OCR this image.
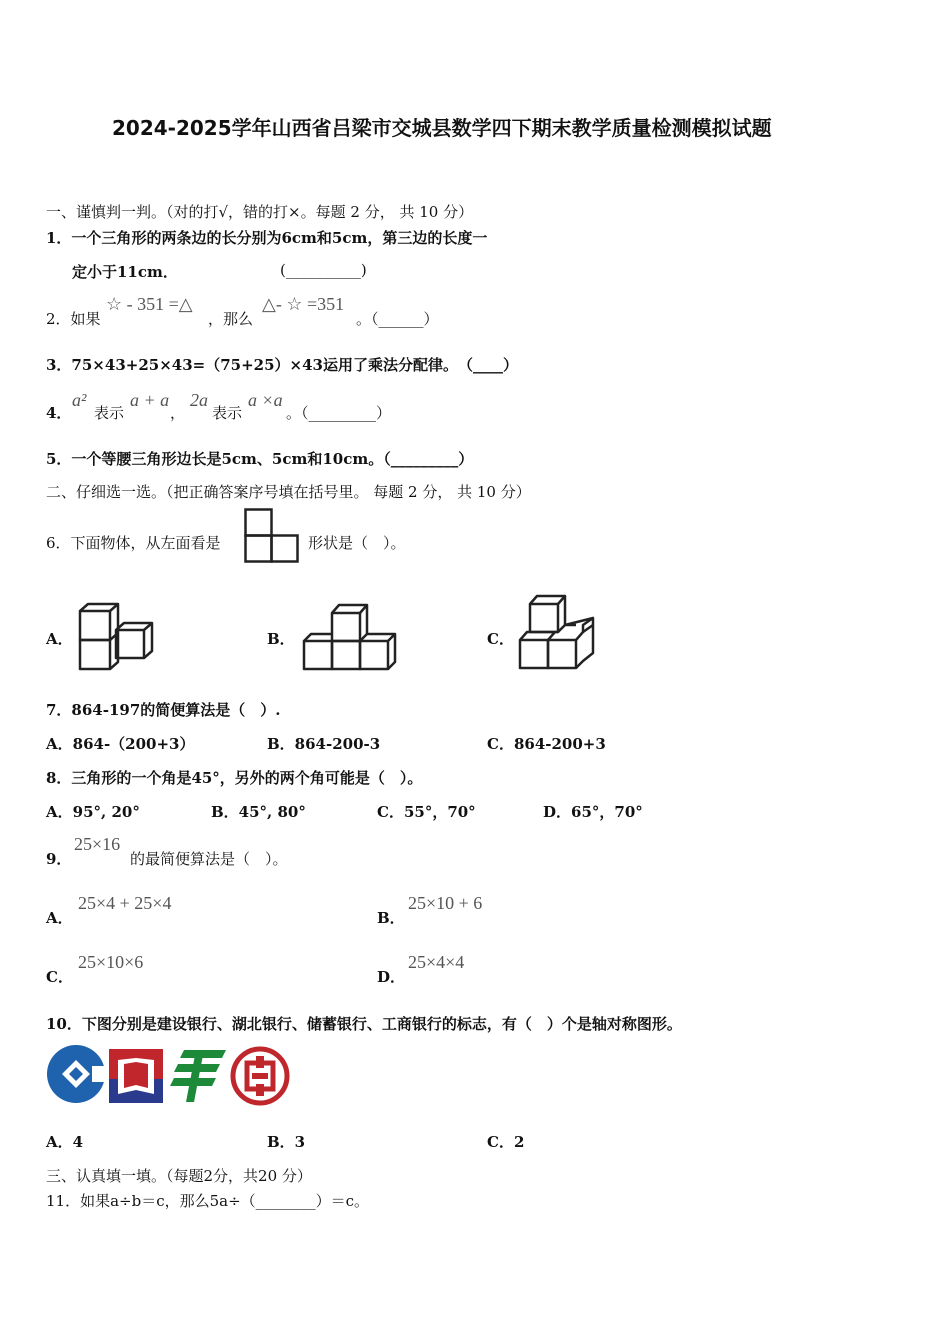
2024-2025学年山西省吕梁市交城县数学四下期末教学质量检测模拟试题
一、谨慎判一判。（对的打√，错的打×。每题 2 分， 共 10 分）
1．一个三角形的两条边的长分别为6cm和5cm，第三边的长度一
定小于11cm．	(__________)
2．如果
☆ - 351 =△
，那么
△- ☆ =351
。（______）
3．75×43+25×43=（75+25）×43运用了乘法分配律。　（____）
4．
a²
表示
a + a
，
2a
表示
a ×a
。（_________）
5．一个等腰三角形边长是5cm、5cm和10cm。（_________）
二、仔细选一选。（把正确答案序号填在括号里。 每题 2 分， 共 10 分）
6．下面物体，从左面看是	形状是（　）。
A．	B．	C．
7．864-197的简便算法是（　）.
A．864-（200+3）	B．864-200-3	C．864-200+3
8．三角形的一个角是45°，另外的两个角可能是（　）。
A．95°, 20°	B．45°, 80°	C．55°，70°	D．65°，70°
9．
25×16
的最简便算法是（　）。
A．
25×4 + 25×4
B．
25×10 + 6
C．
25×10×6
D．
25×4×4
10．下图分别是建设银行、湖北银行、储蓄银行、工商银行的标志，有（　）个是轴对称图形。
A．4	B．3	C．2
三、认真填一填。（每题2分，共20 分）
11．如果a÷b＝c，那么5a÷（________）＝c。
